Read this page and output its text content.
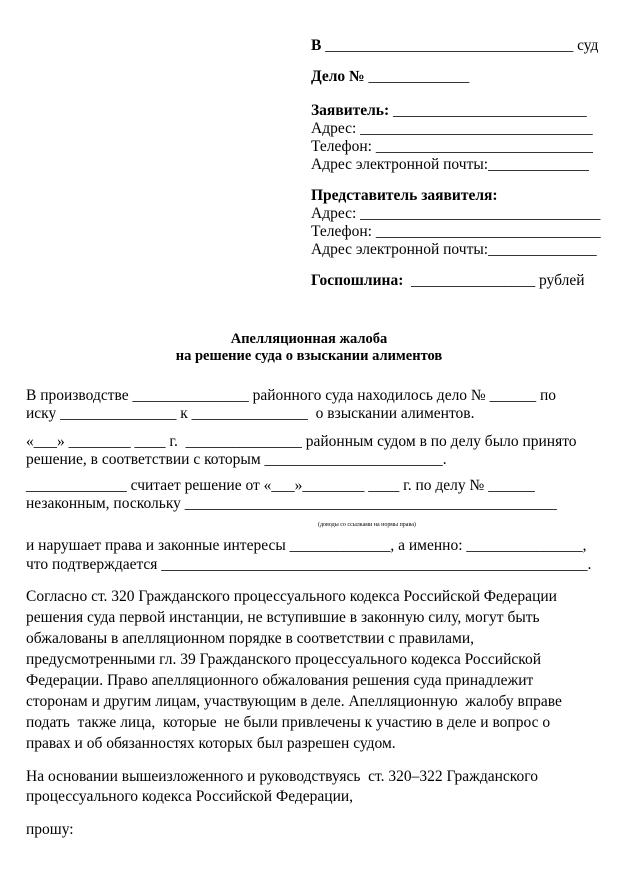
В ________________________________ суд
Дело № _____________
Заявитель: _________________________
Адрес: ______________________________
Телефон: ____________________________
Адрес электронной почты:_____________
Представитель заявителя:
Адрес: _______________________________
Телефон: _____________________________
Адрес электронной почты:______________
Госпошлина: ________________ рублей
Апелляционная жалоба
на решение суда о взыскании алиментов
В производстве _______________ районного суда находилось дело № ______ по
иску _______________ к _______________  о взыскании алиментов.
«___» ________ ____ г.  _______________ районным судом в по делу было принято
решение, в соответствии с которым _______________________.
_____________ считает решение от «___»________ ____ г. по делу № ______
незаконным, поскольку ________________________________________________
(доводы со ссылками на нормы права)
и нарушает права и законные интересы _____________, а именно: _______________,
что подтверждается _______________________________________________________.
Согласно ст. 320 Гражданского процессуального кодекса Российской Федерации
решения суда первой инстанции, не вступившие в законную силу, могут быть
обжалованы в апелляционном порядке в соответствии с правилами,
предусмотренными гл. 39 Гражданского процессуального кодекса Российской
Федерации. Право апелляционного обжалования решения суда принадлежит
сторонам и другим лицам, участвующим в деле. Апелляционную  жалобу вправе
подать  также лица,  которые  не были привлечены к участию в деле и вопрос о
правах и об обязанностях которых был разрешен судом.
На основании вышеизложенного и руководствуясь  ст. 320–322 Гражданского
процессуального кодекса Российской Федерации,
прошу:
